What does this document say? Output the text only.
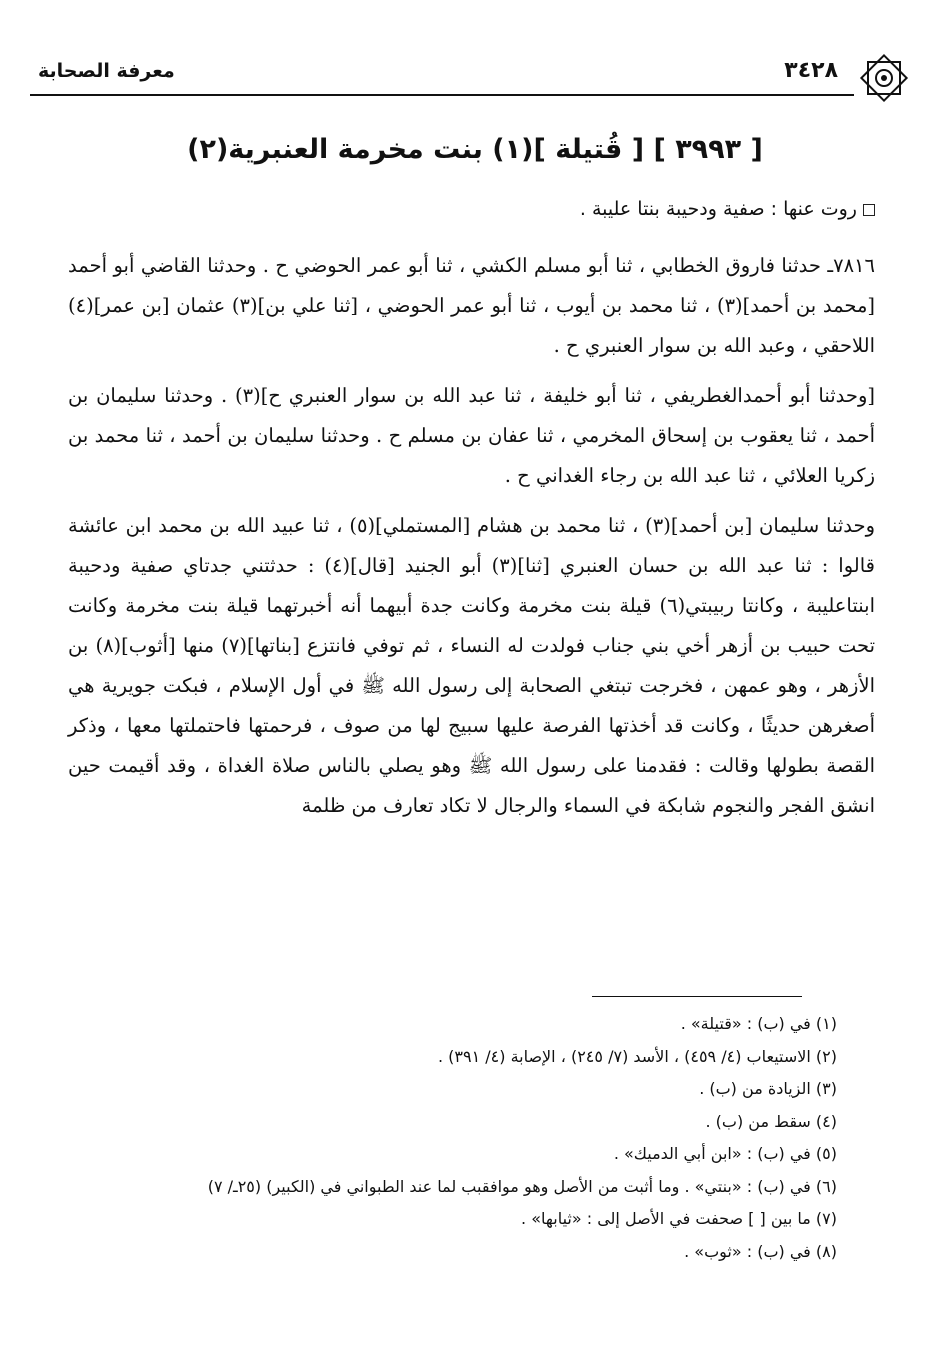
معرفة الصحابة	٣٤٢٨
[ ٣٩٩٣ ] [ قُتيلة ](١) بنت مخرمة العنبرية(٢)
روت عنها : صفية ودحيبة بنتا عليبة .

٧٨١٦ـ حدثنا فاروق الخطابي ، ثنا أبو مسلم الكشي ، ثنا أبو عمر الحوضي ح . وحدثنا القاضي أبو أحمد [محمد بن أحمد](٣) ، ثنا محمد بن أيوب ، ثنا أبو عمر الحوضي ، [ثنا علي بن](٣) عثمان [بن عمر](٤) اللاحقي ، وعبد الله بن سوار العنبري ح .

[وحدثنا أبو أحمدالغطريفي ، ثنا أبو خليفة ، ثنا عبد الله بن سوار العنبري ح](٣) . وحدثنا سليمان بن أحمد ، ثنا يعقوب بن إسحاق المخرمي ، ثنا عفان بن مسلم ح . وحدثنا سليمان بن أحمد ، ثنا محمد بن زكريا العلائي ، ثنا عبد الله بن رجاء الغداني ح .

وحدثنا سليمان [بن أحمد](٣) ، ثنا محمد بن هشام [المستملي](٥) ، ثنا عبيد الله بن محمد ابن عائشة قالوا : ثنا عبد الله بن حسان العنبري [ثنا](٣) أبو الجنيد [قال](٤) : حدثتني جدتاي صفية ودحيبة ابنتاعليبة ، وكانتا ربيبتي(٦) قيلة بنت مخرمة وكانت جدة أبيهما أنه أخبرتهما قيلة بنت مخرمة وكانت تحت حبيب بن أزهر أخي بني جناب فولدت له النساء ، ثم توفي فانتزع [بناتها](٧) منها [أثوب](٨) بن الأزهر ، وهو عمهن ، فخرجت تبتغي الصحابة إلى رسول الله ﷺ في أول الإسلام ، فبكت جويرية هي أصغرهن حديثًا ، وكانت قد أخذتها الفرصة عليها سبيج لها من صوف ، فرحمتها فاحتملتها معها ، وذكر القصة بطولها وقالت : فقدمنا على رسول الله ﷺ وهو يصلي بالناس صلاة الغداة ، وقد أقيمت حين انشق الفجر والنجوم شابكة في السماء والرجال لا تكاد تعارف من ظلمة

(١) في (ب) : «قتيلة» .
(٢) الاستيعاب (٤/ ٤٥٩) ، الأسد (٧/ ٢٤٥) ، الإصابة (٤/ ٣٩١) .
(٣) الزيادة من (ب) .
(٤) سقط من (ب) .
(٥) في (ب) : «ابن أبي الدميك» .
(٦) في (ب) : «بنتي» . وما أثبت من الأصل وهو موافقبب لما عند الطبواني في (الكبير) (٢٥ـ/ ٧)
(٧) ما بين [ ] صحفت في الأصل إلى : «ثيابها» .
(٨) في (ب) : «ثوب» .
